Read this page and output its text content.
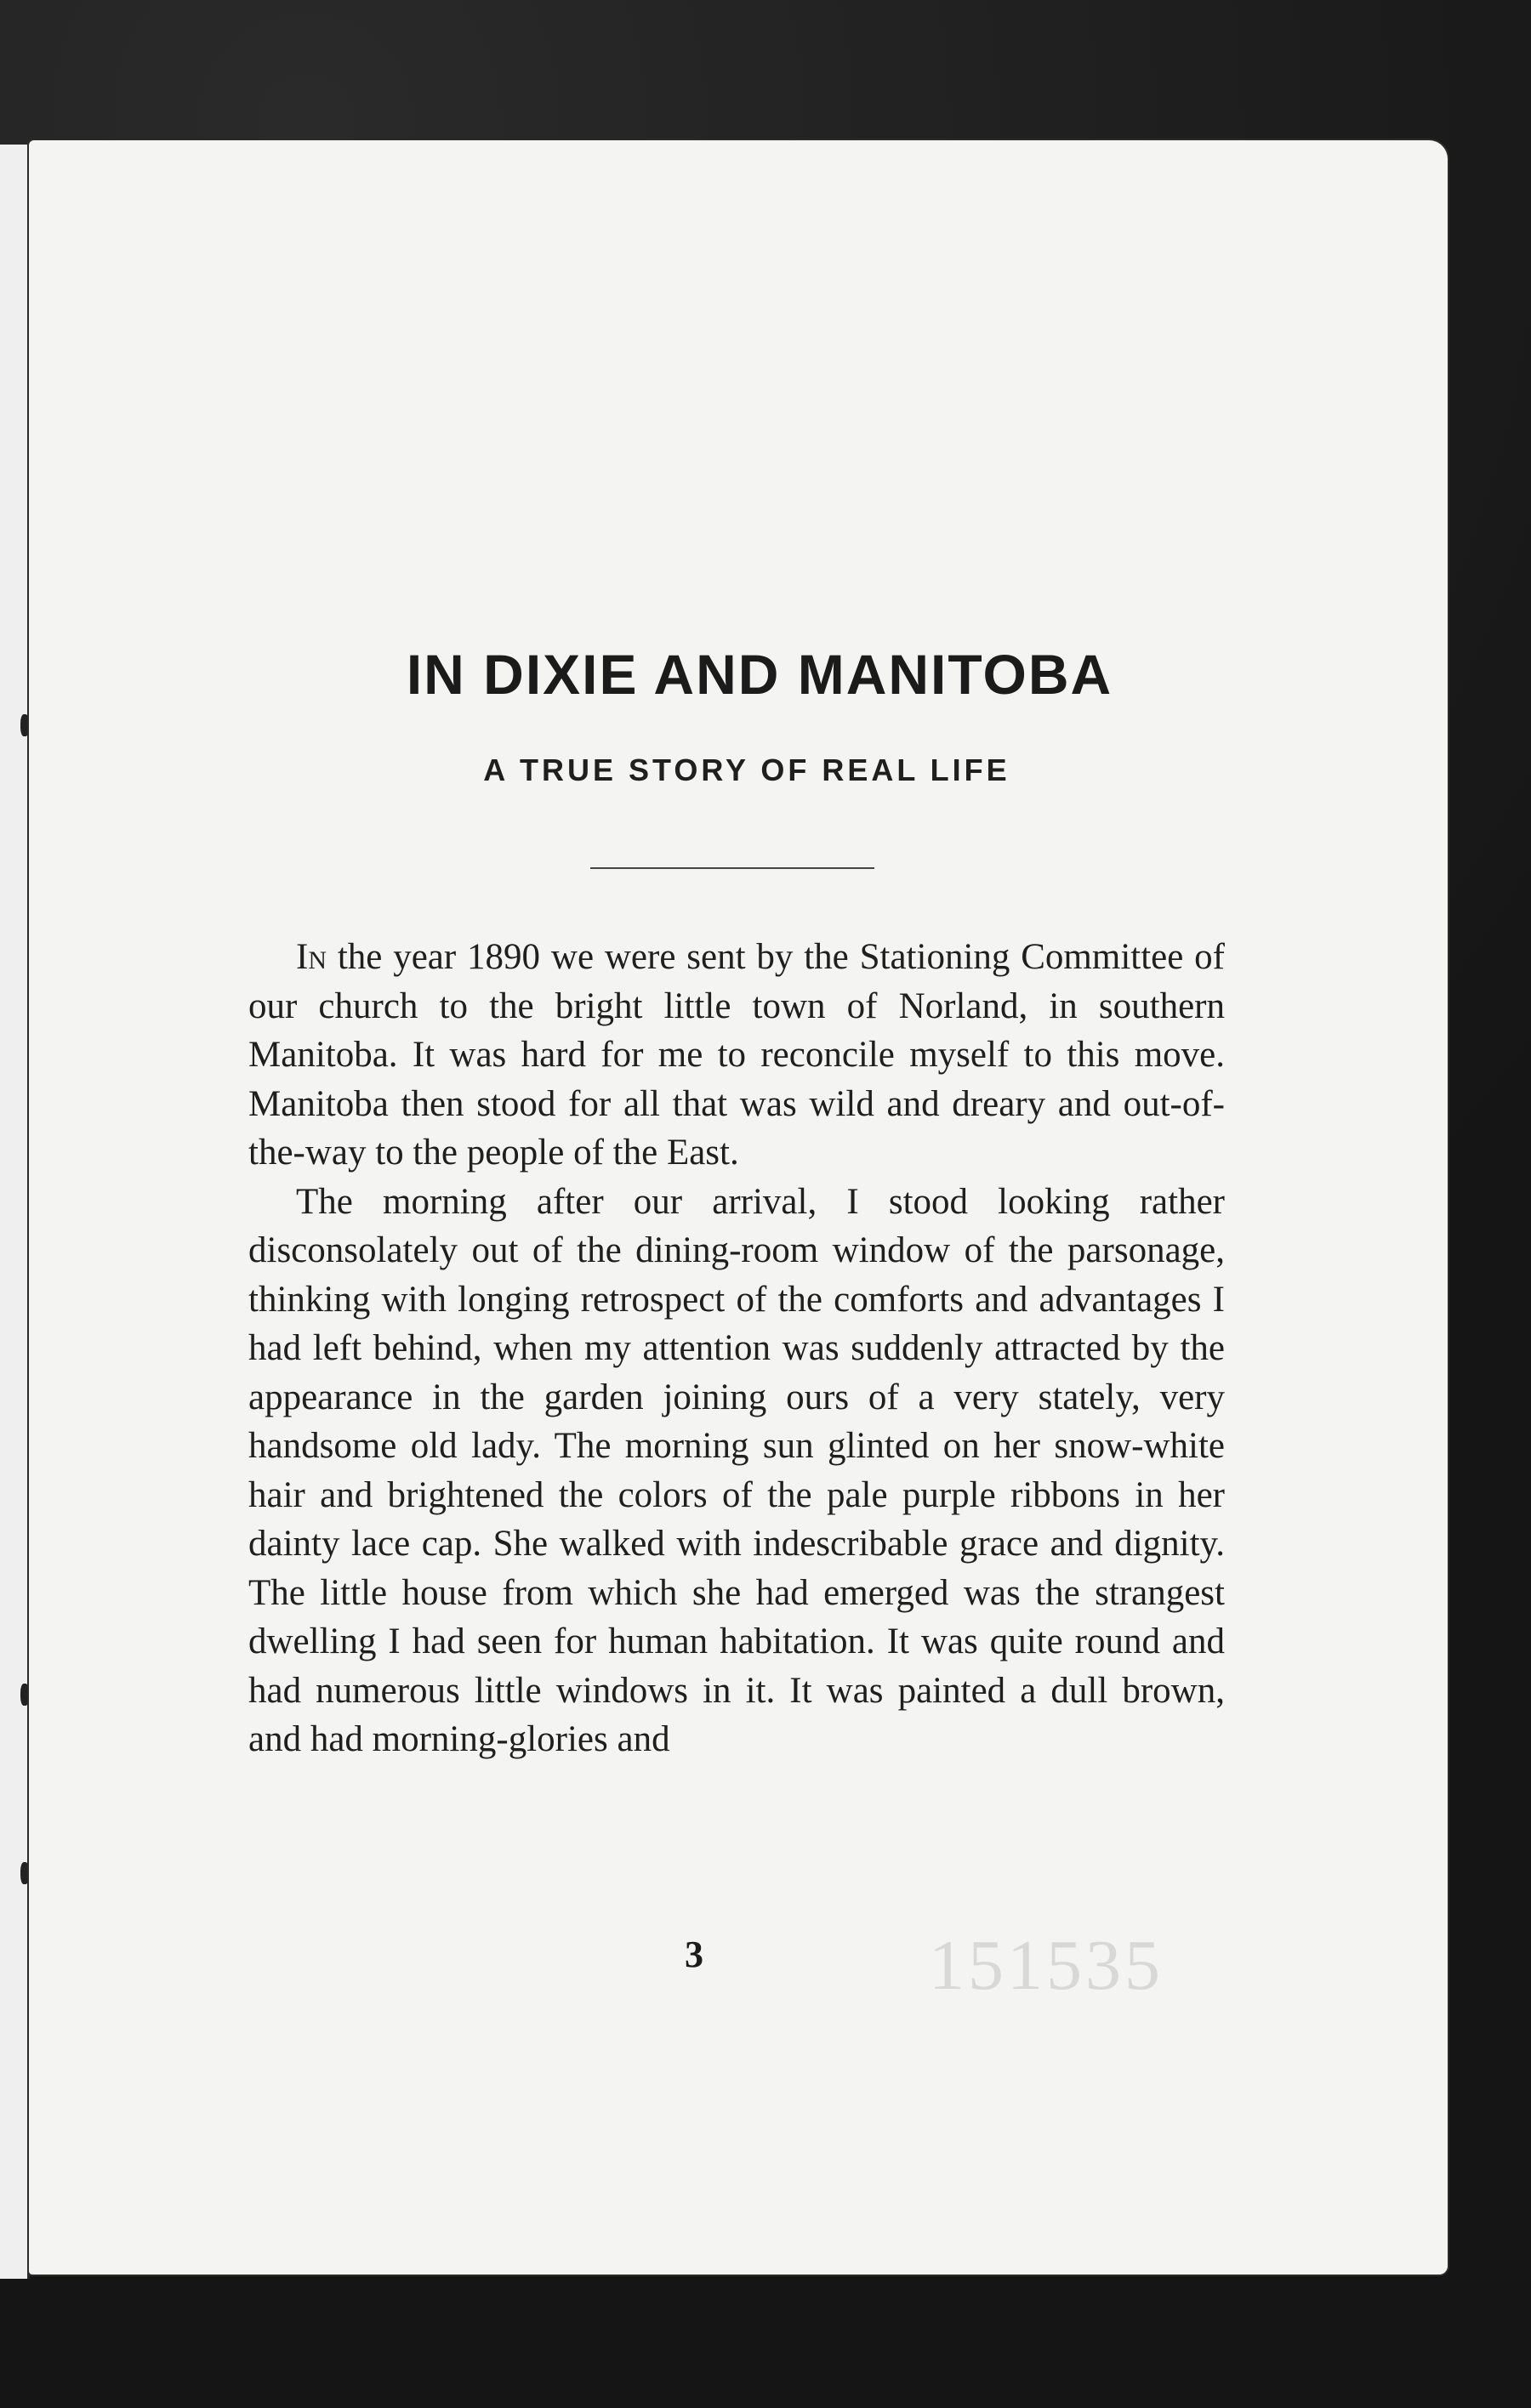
IN DIXIE AND MANITOBA
A TRUE STORY OF REAL LIFE

In the year 1890 we were sent by the Stationing Committee of our church to the bright little town of Norland, in southern Manitoba. It was hard for me to reconcile myself to this move. Manitoba then stood for all that was wild and dreary and out-of-the-way to the people of the East.

The morning after our arrival, I stood looking rather disconsolately out of the dining-room window of the parsonage, thinking with longing retrospect of the comforts and advantages I had left behind, when my attention was suddenly attracted by the appearance in the garden joining ours of a very stately, very handsome old lady. The morning sun glinted on her snow-white hair and brightened the colors of the pale purple ribbons in her dainty lace cap. She walked with indescribable grace and dignity. The little house from which she had emerged was the strangest dwelling I had seen for human habitation. It was quite round and had numerous little windows in it. It was painted a dull brown, and had morning-glories and

3	151535
